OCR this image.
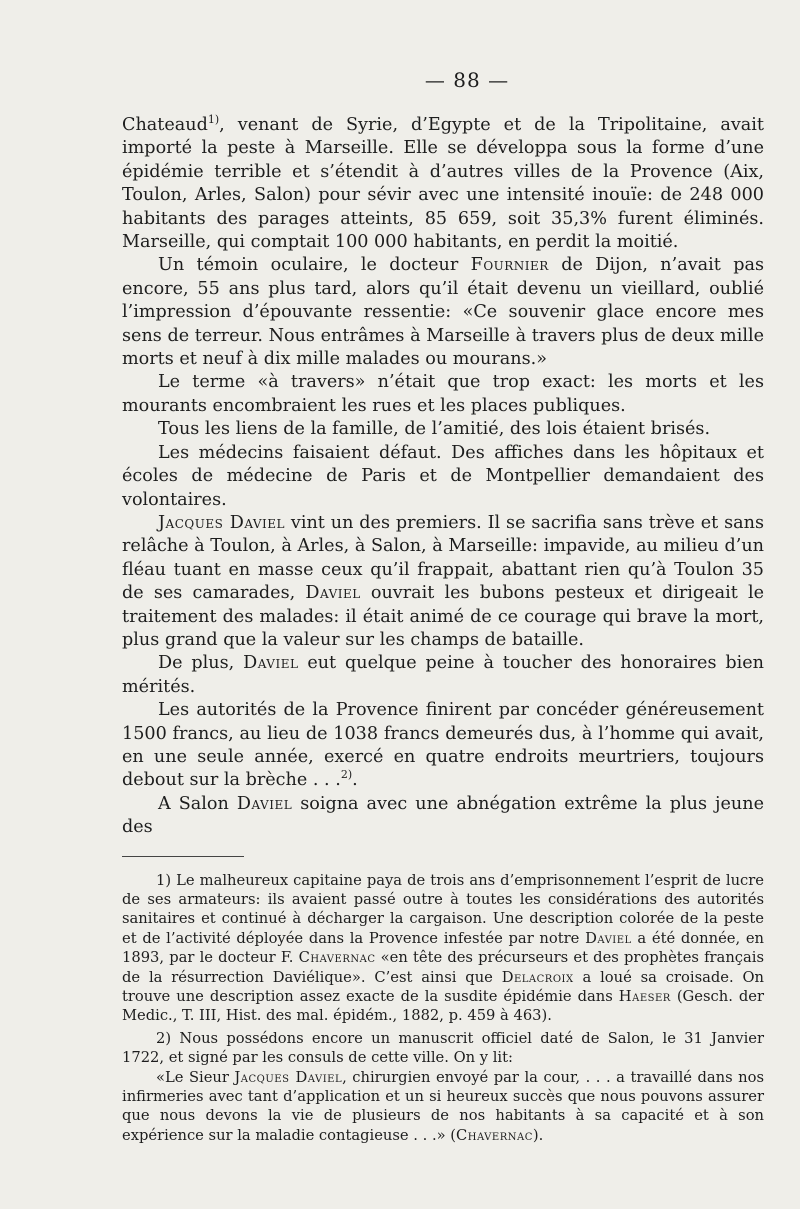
— 88 —

Chateaud$^{1)}$, venant de Syrie, d’Egypte et de la Tripolitaine, avait importé la peste à Marseille. Elle se développa sous la forme d’une épidémie terrible et s’étendit à d’autres villes de la Provence (Aix, Toulon, Arles, Salon) pour sévir avec une intensité inouïe: de 248 000 habitants des parages atteints, 85 659, soit 35,3% furent éliminés. Marseille, qui comptait 100 000 habitants, en perdit la moitié.

Un témoin oculaire, le docteur Fournier de Dijon, n’avait pas encore, 55 ans plus tard, alors qu’il était devenu un vieillard, oublié l’impression d’épouvante ressentie: «Ce souvenir glace encore mes sens de terreur. Nous entrâmes à Marseille à travers plus de deux mille morts et neuf à dix mille malades ou mourans.»

Le terme «à travers» n’était que trop exact: les morts et les mourants encombraient les rues et les places publiques.

Tous les liens de la famille, de l’amitié, des lois étaient brisés.

Les médecins faisaient défaut. Des affiches dans les hôpitaux et écoles de médecine de Paris et de Montpellier demandaient des volontaires.

Jacques Daviel vint un des premiers. Il se sacrifia sans trève et sans relâche à Toulon, à Arles, à Salon, à Marseille: impavide, au milieu d’un fléau tuant en masse ceux qu’il frappait, abattant rien qu’à Toulon 35 de ses camarades, Daviel ouvrait les bubons pesteux et dirigeait le traitement des malades: il était animé de ce courage qui brave la mort, plus grand que la valeur sur les champs de bataille.

De plus, Daviel eut quelque peine à toucher des honoraires bien mérités.

Les autorités de la Provence finirent par concéder généreusement 1500 francs, au lieu de 1038 francs demeurés dus, à l’homme qui avait, en une seule année, exercé en quatre endroits meurtriers, toujours debout sur la brèche . . .$^{2)}$.

A Salon Daviel soigna avec une abnégation extrême la plus jeune des

1) Le malheureux capitaine paya de trois ans d’emprisonnement l’esprit de lucre de ses armateurs: ils avaient passé outre à toutes les considérations des autorités sanitaires et continué à décharger la cargaison. Une description colorée de la peste et de l’activité déployée dans la Provence infestée par notre Daviel a été donnée, en 1893, par le docteur F. Chavernac «en tête des précurseurs et des prophètes français de la résurrection Daviélique». C’est ainsi que Delacroix a loué sa croisade. On trouve une description assez exacte de la susdite épidémie dans Haeser (Gesch. der Medic., T. III, Hist. des mal. épidém., 1882, p. 459 à 463).

2) Nous possédons encore un manuscrit officiel daté de Salon, le 31 Janvier 1722, et signé par les consuls de cette ville. On y lit:

«Le Sieur Jacques Daviel, chirurgien envoyé par la cour, . . . a travaillé dans nos infirmeries avec tant d’application et un si heureux succès que nous pouvons assurer que nous devons la vie de plusieurs de nos habitants à sa capacité et à son expérience sur la maladie contagieuse . . .» (Chavernac).
